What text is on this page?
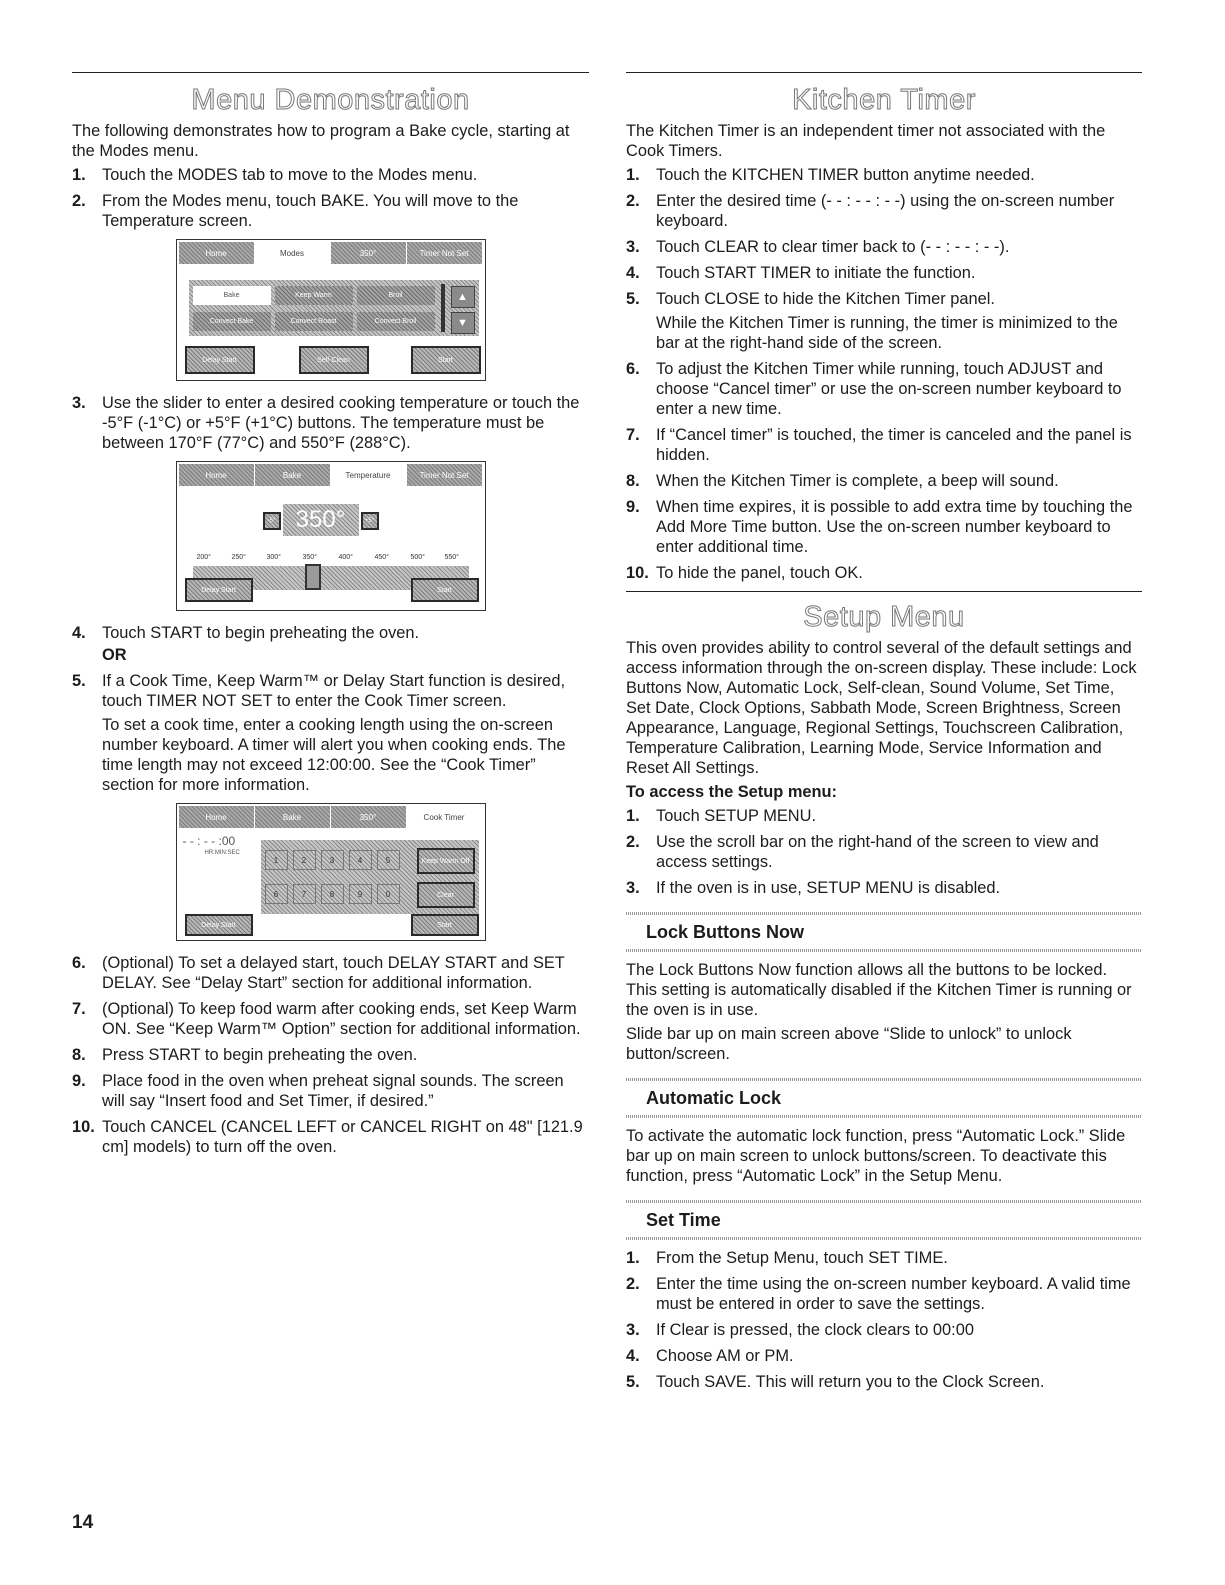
Menu Demonstration

The following demonstrates how to program a Bake cycle, starting at the Modes menu.

1. Touch the MODES tab to move to the Modes menu.
2. From the Modes menu, touch BAKE. You will move to the Temperature screen.
Home	Modes	350°	Timer Not Set
Bake	Keep Warm	Broil
Convect Bake	Convect Roast	Convect Broil
▲
▼
Delay Start	Self-Clean	Start
3. Use the slider to enter a desired cooking temperature or touch the -5°F (-1°C) or +5°F (+1°C) buttons. The temperature must be between 170°F (77°C) and 550°F (288°C).
Home	Bake	Temperature	Timer Not Set
-5° 350°	+5°
200°	250°	300°	350°	400°	450°	500°	550°
Delay Start	Start
4. Touch START to begin preheating the oven.
OR
5. If a Cook Time, Keep Warm™ or Delay Start function is desired, touch TIMER NOT SET to enter the Cook Timer screen.
To set a cook time, enter a cooking length using the on-screen number keyboard. A timer will alert you when cooking ends. The time length may not exceed 12:00:00. See the “Cook Timer” section for more information.
Home	Bake	350°	Cook Timer
- - : - - :00
HR:MIN:SEC
1	2	3	4	5	Keep Warm Off
6	7	8	9	0	Clear
Delay Start	Start
6. (Optional) To set a delayed start, touch DELAY START and SET DELAY. See “Delay Start” section for additional information.
7. (Optional) To keep food warm after cooking ends, set Keep Warm ON. See “Keep Warm™ Option” section for additional information.
8. Press START to begin preheating the oven.
9. Place food in the oven when preheat signal sounds. The screen will say “Insert food and Set Timer, if desired.”
10. Touch CANCEL (CANCEL LEFT or CANCEL RIGHT on 48" [121.9 cm] models) to turn off the oven.
Kitchen Timer

The Kitchen Timer is an independent timer not associated with the Cook Timers.

1. Touch the KITCHEN TIMER button anytime needed.
2. Enter the desired time (- - : - - : - -) using the on-screen number keyboard.
3. Touch CLEAR to clear timer back to (- - : - - : - -).
4. Touch START TIMER to initiate the function.
5. Touch CLOSE to hide the Kitchen Timer panel.
While the Kitchen Timer is running, the timer is minimized to the bar at the right-hand side of the screen.
6. To adjust the Kitchen Timer while running, touch ADJUST and choose “Cancel timer” or use the on-screen number keyboard to enter a new time.
7. If “Cancel timer” is touched, the timer is canceled and the panel is hidden.
8. When the Kitchen Timer is complete, a beep will sound.
9. When time expires, it is possible to add extra time by touching the Add More Time button. Use the on-screen number keyboard to enter additional time.
10. To hide the panel, touch OK.
Setup Menu

This oven provides ability to control several of the default settings and access information through the on-screen display. These include: Lock Buttons Now, Automatic Lock, Self-clean, Sound Volume, Set Time, Set Date, Clock Options, Sabbath Mode, Screen Brightness, Screen Appearance, Language, Regional Settings, Touchscreen Calibration, Temperature Calibration, Learning Mode, Service Information and Reset All Settings.

To access the Setup menu:

1. Touch SETUP MENU.
2. Use the scroll bar on the right-hand of the screen to view and access settings.
3. If the oven is in use, SETUP MENU is disabled.
Lock Buttons Now

The Lock Buttons Now function allows all the buttons to be locked. This setting is automatically disabled if the Kitchen Timer is running or the oven is in use.

Slide bar up on main screen above “Slide to unlock” to unlock button/screen.

Automatic Lock

To activate the automatic lock function, press “Automatic Lock.” Slide bar up on main screen to unlock buttons/screen. To deactivate this function, press “Automatic Lock” in the Setup Menu.

Set Time
1. From the Setup Menu, touch SET TIME.
2. Enter the time using the on-screen number keyboard. A valid time must be entered in order to save the settings.
3. If Clear is pressed, the clock clears to 00:00
4. Choose AM or PM.
5. Touch SAVE. This will return you to the Clock Screen.
14
